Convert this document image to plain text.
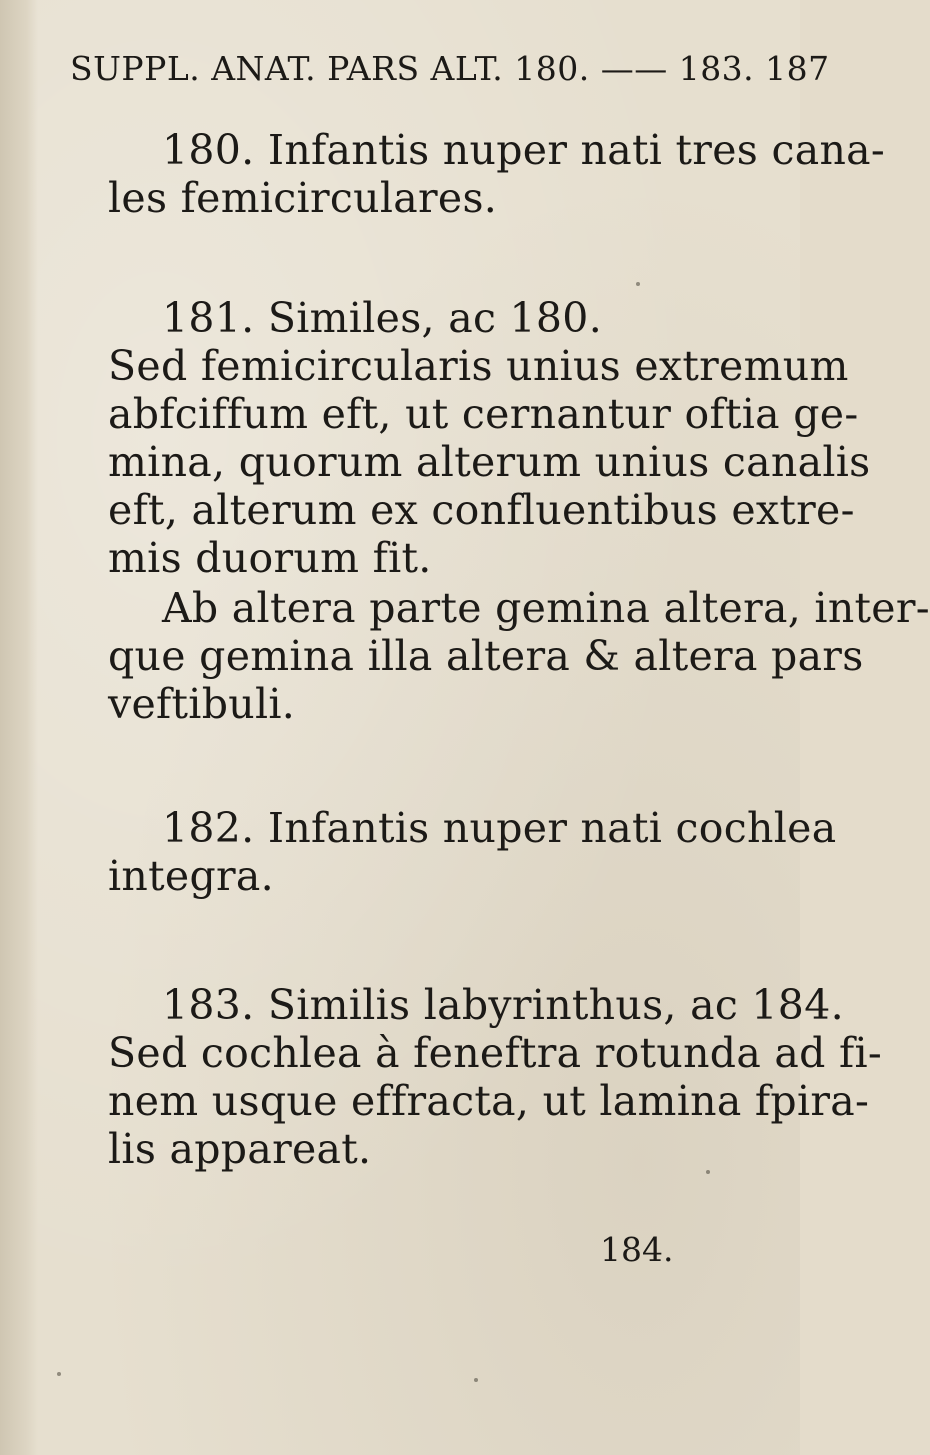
SUPPL. ANAT. PARS ALT. 180. —— 183. 187
180. Infantis nuper nati tres cana-
les femicirculares.
181. Similes, ac 180.
Sed femicircularis unius extremum
abfciffum eft, ut cernantur oftia ge-
mina, quorum alterum unius canalis
eft, alterum ex confluentibus extre-
mis duorum fit.
Ab altera parte gemina altera, inter-
que gemina illa altera & altera pars
veftibuli.
182. Infantis nuper nati cochlea
integra.
183. Similis labyrinthus, ac 184.
Sed cochlea à feneftra rotunda ad fi-
nem usque effracta, ut lamina fpira-
lis appareat.
184.
